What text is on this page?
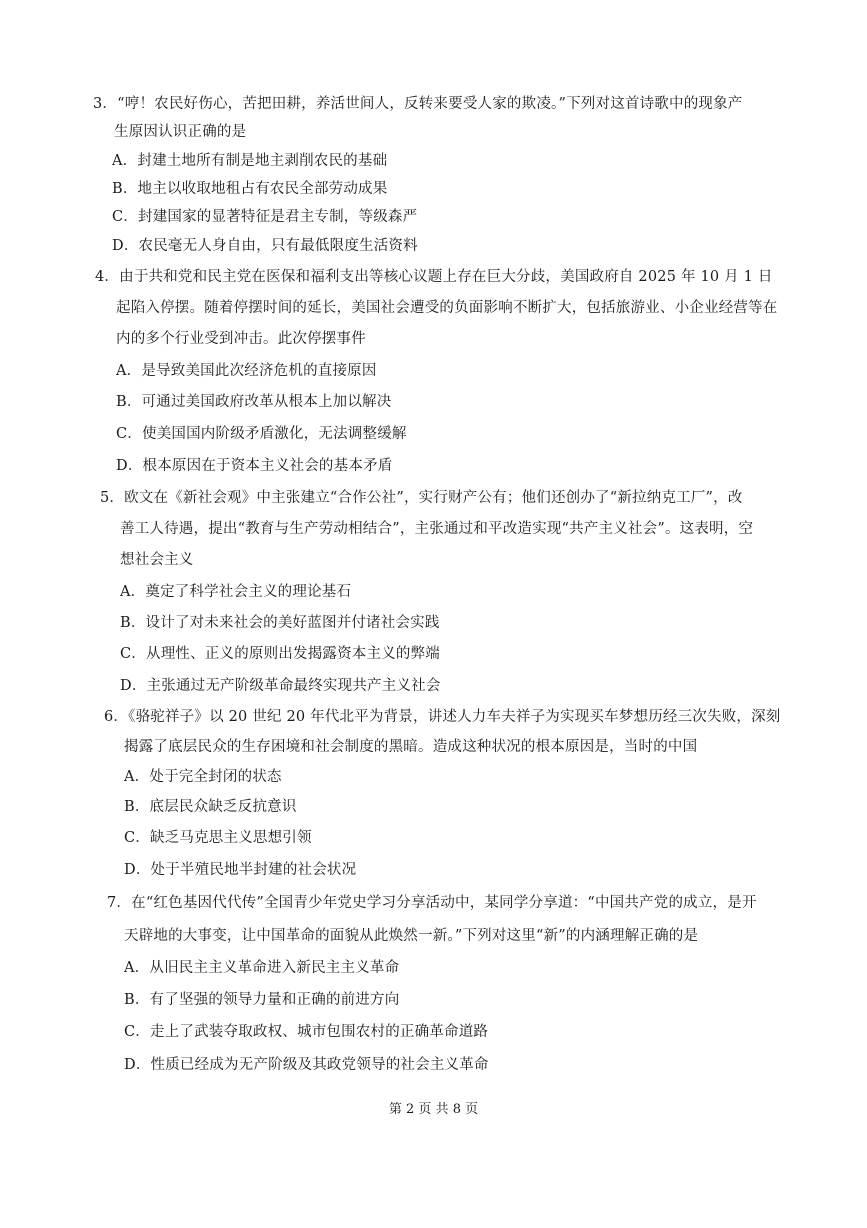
3．“哼！农民好伤心，苦把田耕，养活世间人，反转来要受人家的欺凌。”下列对这首诗歌中的现象产
生原因认识正确的是
A．封建土地所有制是地主剥削农民的基础
B．地主以收取地租占有农民全部劳动成果
C．封建国家的显著特征是君主专制，等级森严
D．农民毫无人身自由，只有最低限度生活资料
4．由于共和党和民主党在医保和福利支出等核心议题上存在巨大分歧，美国政府自 2025 年 10 月 1 日
起陷入停摆。随着停摆时间的延长，美国社会遭受的负面影响不断扩大，包括旅游业、小企业经营等在
内的多个行业受到冲击。此次停摆事件
A．是导致美国此次经济危机的直接原因
B．可通过美国政府改革从根本上加以解决
C．使美国国内阶级矛盾激化，无法调整缓解
D．根本原因在于资本主义社会的基本矛盾
5．欧文在《新社会观》中主张建立“合作公社”，实行财产公有；他们还创办了“新拉纳克工厂”，改
善工人待遇，提出“教育与生产劳动相结合”，主张通过和平改造实现“共产主义社会”。这表明，空
想社会主义
A．奠定了科学社会主义的理论基石
B．设计了对未来社会的美好蓝图并付诸社会实践
C．从理性、正义的原则出发揭露资本主义的弊端
D．主张通过无产阶级革命最终实现共产主义社会
6．《骆驼祥子》以 20 世纪 20 年代北平为背景，讲述人力车夫祥子为实现买车梦想历经三次失败，深刻
揭露了底层民众的生存困境和社会制度的黑暗。造成这种状况的根本原因是，当时的中国
A．处于完全封闭的状态
B．底层民众缺乏反抗意识
C．缺乏马克思主义思想引领
D．处于半殖民地半封建的社会状况
7．在“红色基因代代传”全国青少年党史学习分享活动中，某同学分享道：“中国共产党的成立，是开
天辟地的大事变，让中国革命的面貌从此焕然一新。”下列对这里“新”的内涵理解正确的是
A．从旧民主主义革命进入新民主主义革命
B．有了坚强的领导力量和正确的前进方向
C．走上了武装夺取政权、城市包围农村的正确革命道路
D．性质已经成为无产阶级及其政党领导的社会主义革命
第 2 页 共 8 页
